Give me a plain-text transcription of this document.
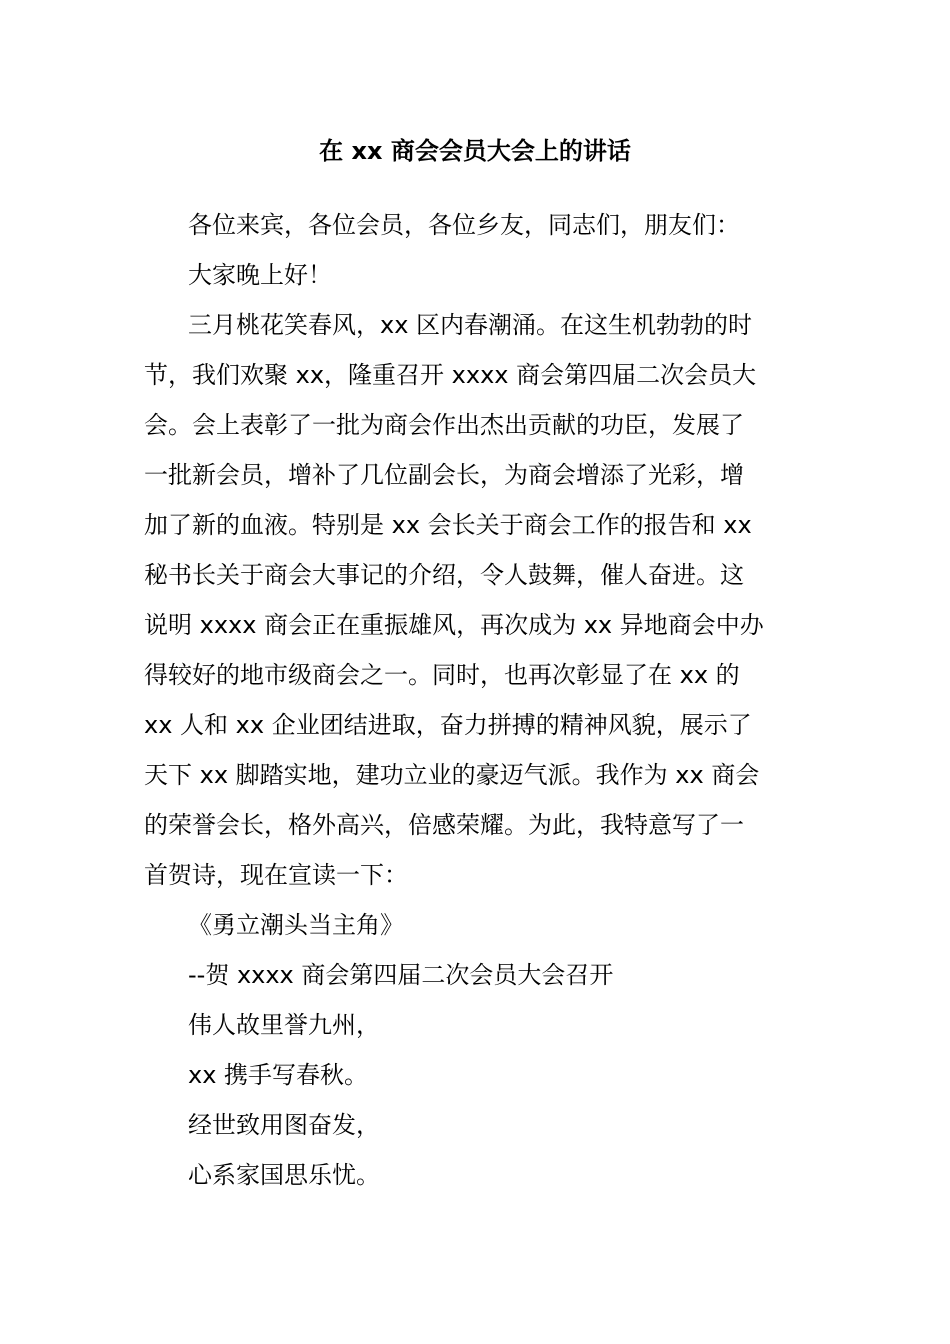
在 xx 商会会员大会上的讲话
各位来宾，各位会员，各位乡友，同志们，朋友们：
大家晚上好！
三月桃花笑春风，xx 区内春潮涌。在这生机勃勃的时
节，我们欢聚 xx，隆重召开 xxxx 商会第四届二次会员大
会。会上表彰了一批为商会作出杰出贡献的功臣，发展了
一批新会员，增补了几位副会长，为商会增添了光彩，增
加了新的血液。特别是 xx 会长关于商会工作的报告和 xx
秘书长关于商会大事记的介绍，令人鼓舞，催人奋进。这
说明 xxxx 商会正在重振雄风，再次成为 xx 异地商会中办
得较好的地市级商会之一。同时，也再次彰显了在 xx 的
xx 人和 xx 企业团结进取，奋力拼搏的精神风貌，展示了
天下 xx 脚踏实地，建功立业的豪迈气派。我作为 xx 商会
的荣誉会长，格外高兴，倍感荣耀。为此，我特意写了一
首贺诗，现在宣读一下：
《勇立潮头当主角》
--贺 xxxx 商会第四届二次会员大会召开
伟人故里誉九州，
xx 携手写春秋。
经世致用图奋发，
心系家国思乐忧。
